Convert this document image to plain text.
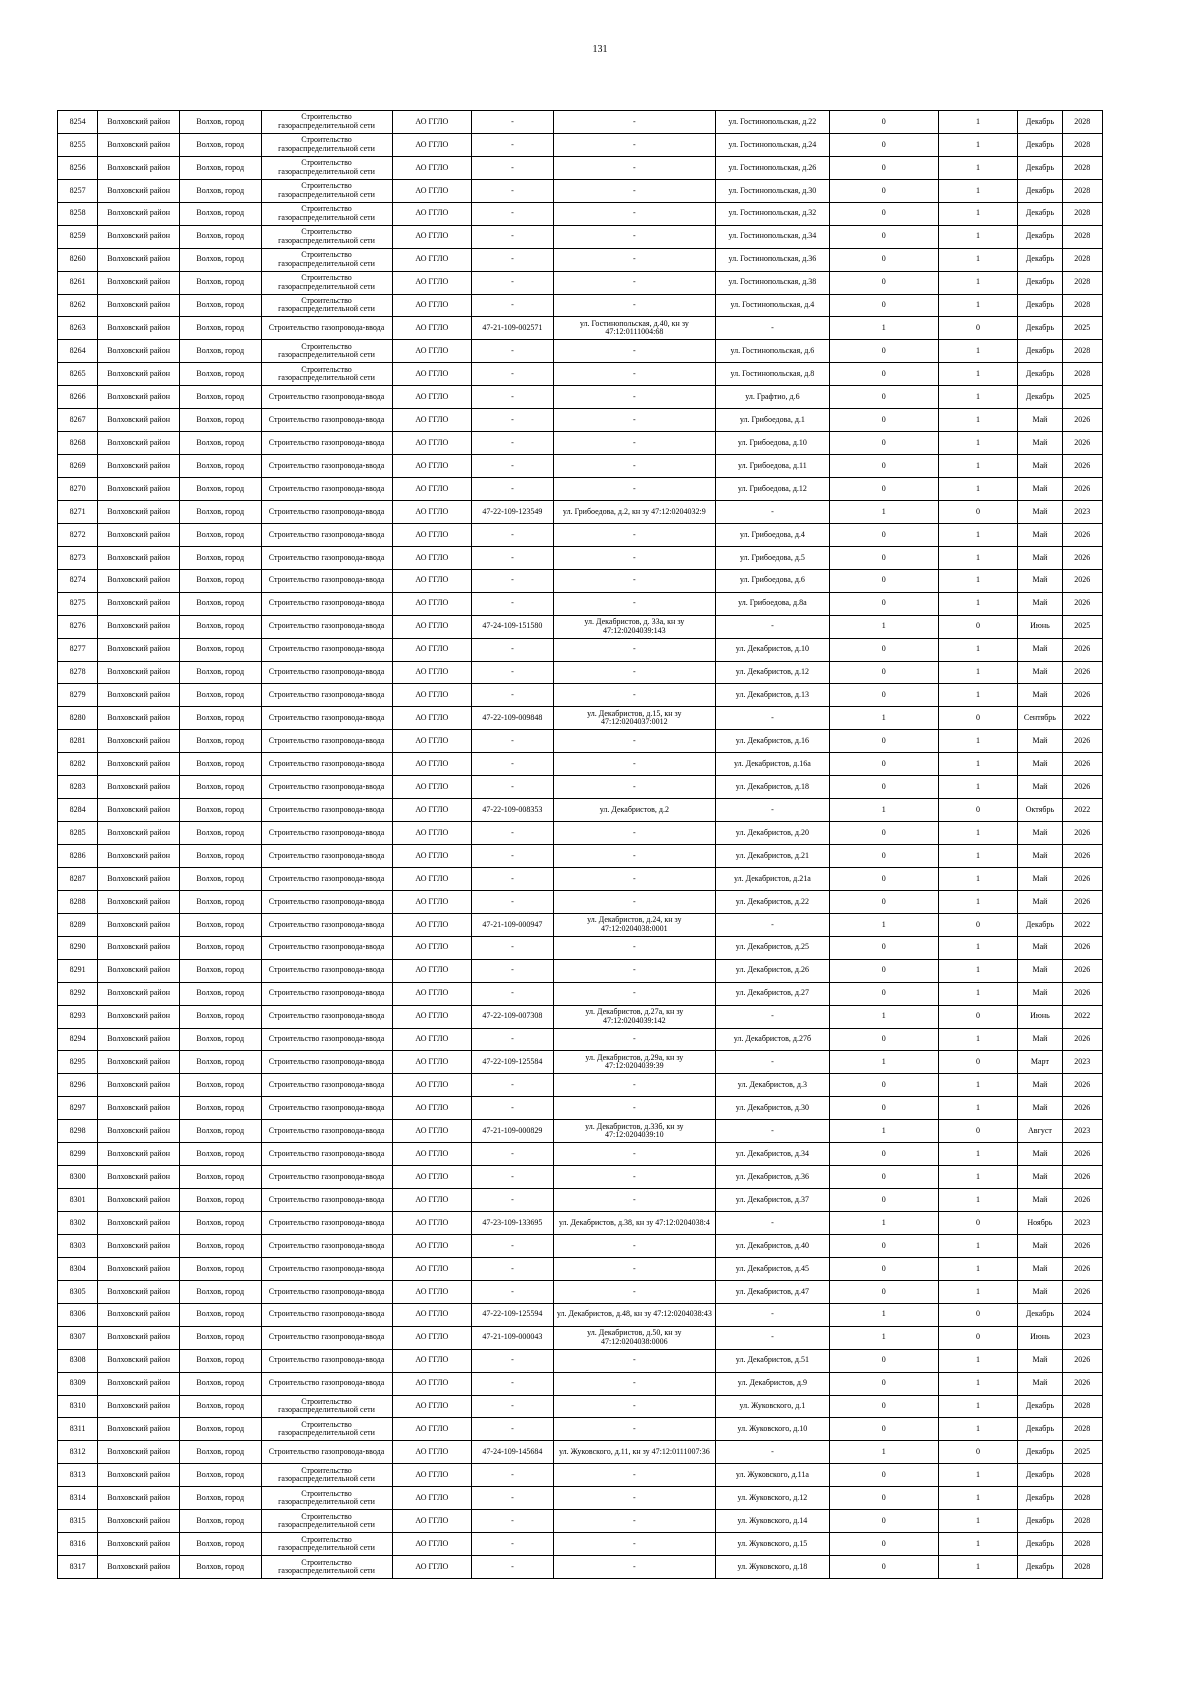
131
8254	Волховский район	Волхов, город	Строительство газораспределительной сети	АО ГГЛО	-	-	ул. Гостинопольская, д.22	0	1	Декабрь	2028
8255	Волховский район	Волхов, город	Строительство газораспределительной сети	АО ГГЛО	-	-	ул. Гостинопольская, д.24	0	1	Декабрь	2028
8256	Волховский район	Волхов, город	Строительство газораспределительной сети	АО ГГЛО	-	-	ул. Гостинопольская, д.26	0	1	Декабрь	2028
8257	Волховский район	Волхов, город	Строительство газораспределительной сети	АО ГГЛО	-	-	ул. Гостинопольская, д.30	0	1	Декабрь	2028
8258	Волховский район	Волхов, город	Строительство газораспределительной сети	АО ГГЛО	-	-	ул. Гостинопольская, д.32	0	1	Декабрь	2028
8259	Волховский район	Волхов, город	Строительство газораспределительной сети	АО ГГЛО	-	-	ул. Гостинопольская, д.34	0	1	Декабрь	2028
8260	Волховский район	Волхов, город	Строительство газораспределительной сети	АО ГГЛО	-	-	ул. Гостинопольская, д.36	0	1	Декабрь	2028
8261	Волховский район	Волхов, город	Строительство газораспределительной сети	АО ГГЛО	-	-	ул. Гостинопольская, д.38	0	1	Декабрь	2028
8262	Волховский район	Волхов, город	Строительство газораспределительной сети	АО ГГЛО	-	-	ул. Гостинопольская, д.4	0	1	Декабрь	2028
8263	Волховский район	Волхов, город	Строительство газопровода-ввода	АО ГГЛО	47-21-109-002571	ул. Гостинопольская, д.40, кн зу 47:12:0111004:68	-	1	0	Декабрь	2025
8264	Волховский район	Волхов, город	Строительство газораспределительной сети	АО ГГЛО	-	-	ул. Гостинопольская, д.6	0	1	Декабрь	2028
8265	Волховский район	Волхов, город	Строительство газораспределительной сети	АО ГГЛО	-	-	ул. Гостинопольская, д.8	0	1	Декабрь	2028
8266	Волховский район	Волхов, город	Строительство газопровода-ввода	АО ГГЛО	-	-	ул. Графтио, д.6	0	1	Декабрь	2025
8267	Волховский район	Волхов, город	Строительство газопровода-ввода	АО ГГЛО	-	-	ул. Грибоедова, д.1	0	1	Май	2026
8268	Волховский район	Волхов, город	Строительство газопровода-ввода	АО ГГЛО	-	-	ул. Грибоедова, д.10	0	1	Май	2026
8269	Волховский район	Волхов, город	Строительство газопровода-ввода	АО ГГЛО	-	-	ул. Грибоедова, д.11	0	1	Май	2026
8270	Волховский район	Волхов, город	Строительство газопровода-ввода	АО ГГЛО	-	-	ул. Грибоедова, д.12	0	1	Май	2026
8271	Волховский район	Волхов, город	Строительство газопровода-ввода	АО ГГЛО	47-22-109-123549	ул. Грибоедова, д.2, кн зу 47:12:0204032:9	-	1	0	Май	2023
8272	Волховский район	Волхов, город	Строительство газопровода-ввода	АО ГГЛО	-	-	ул. Грибоедова, д.4	0	1	Май	2026
8273	Волховский район	Волхов, город	Строительство газопровода-ввода	АО ГГЛО	-	-	ул. Грибоедова, д.5	0	1	Май	2026
8274	Волховский район	Волхов, город	Строительство газопровода-ввода	АО ГГЛО	-	-	ул. Грибоедова, д.6	0	1	Май	2026
8275	Волховский район	Волхов, город	Строительство газопровода-ввода	АО ГГЛО	-	-	ул. Грибоедова, д.8а	0	1	Май	2026
8276	Волховский район	Волхов, город	Строительство газопровода-ввода	АО ГГЛО	47-24-109-151580	ул. Декабристов, д. 33а, кн зу 47:12:0204039:143	-	1	0	Июнь	2025
8277	Волховский район	Волхов, город	Строительство газопровода-ввода	АО ГГЛО	-	-	ул. Декабристов, д.10	0	1	Май	2026
8278	Волховский район	Волхов, город	Строительство газопровода-ввода	АО ГГЛО	-	-	ул. Декабристов, д.12	0	1	Май	2026
8279	Волховский район	Волхов, город	Строительство газопровода-ввода	АО ГГЛО	-	-	ул. Декабристов, д.13	0	1	Май	2026
8280	Волховский район	Волхов, город	Строительство газопровода-ввода	АО ГГЛО	47-22-109-009848	ул. Декабристов, д.15, кн зу 47:12:0204037:0012	-	1	0	Сентябрь	2022
8281	Волховский район	Волхов, город	Строительство газопровода-ввода	АО ГГЛО	-	-	ул. Декабристов, д.16	0	1	Май	2026
8282	Волховский район	Волхов, город	Строительство газопровода-ввода	АО ГГЛО	-	-	ул. Декабристов, д.16а	0	1	Май	2026
8283	Волховский район	Волхов, город	Строительство газопровода-ввода	АО ГГЛО	-	-	ул. Декабристов, д.18	0	1	Май	2026
8284	Волховский район	Волхов, город	Строительство газопровода-ввода	АО ГГЛО	47-22-109-008353	ул. Декабристов, д.2	-	1	0	Октябрь	2022
8285	Волховский район	Волхов, город	Строительство газопровода-ввода	АО ГГЛО	-	-	ул. Декабристов, д.20	0	1	Май	2026
8286	Волховский район	Волхов, город	Строительство газопровода-ввода	АО ГГЛО	-	-	ул. Декабристов, д.21	0	1	Май	2026
8287	Волховский район	Волхов, город	Строительство газопровода-ввода	АО ГГЛО	-	-	ул. Декабристов, д.21а	0	1	Май	2026
8288	Волховский район	Волхов, город	Строительство газопровода-ввода	АО ГГЛО	-	-	ул. Декабристов, д.22	0	1	Май	2026
8289	Волховский район	Волхов, город	Строительство газопровода-ввода	АО ГГЛО	47-21-109-000947	ул. Декабристов, д.24, кн зу 47:12:0204038:0001	-	1	0	Декабрь	2022
8290	Волховский район	Волхов, город	Строительство газопровода-ввода	АО ГГЛО	-	-	ул. Декабристов, д.25	0	1	Май	2026
8291	Волховский район	Волхов, город	Строительство газопровода-ввода	АО ГГЛО	-	-	ул. Декабристов, д.26	0	1	Май	2026
8292	Волховский район	Волхов, город	Строительство газопровода-ввода	АО ГГЛО	-	-	ул. Декабристов, д.27	0	1	Май	2026
8293	Волховский район	Волхов, город	Строительство газопровода-ввода	АО ГГЛО	47-22-109-007308	ул. Декабристов, д.27а, кн зу 47:12:0204039:142	-	1	0	Июнь	2022
8294	Волховский район	Волхов, город	Строительство газопровода-ввода	АО ГГЛО	-	-	ул. Декабристов, д.27б	0	1	Май	2026
8295	Волховский район	Волхов, город	Строительство газопровода-ввода	АО ГГЛО	47-22-109-125584	ул. Декабристов, д.29а, кн зу 47:12:0204039:39	-	1	0	Март	2023
8296	Волховский район	Волхов, город	Строительство газопровода-ввода	АО ГГЛО	-	-	ул. Декабристов, д.3	0	1	Май	2026
8297	Волховский район	Волхов, город	Строительство газопровода-ввода	АО ГГЛО	-	-	ул. Декабристов, д.30	0	1	Май	2026
8298	Волховский район	Волхов, город	Строительство газопровода-ввода	АО ГГЛО	47-21-109-000829	ул. Декабристов, д.33б, кн зу 47:12:0204039:10	-	1	0	Август	2023
8299	Волховский район	Волхов, город	Строительство газопровода-ввода	АО ГГЛО	-	-	ул. Декабристов, д.34	0	1	Май	2026
8300	Волховский район	Волхов, город	Строительство газопровода-ввода	АО ГГЛО	-	-	ул. Декабристов, д.36	0	1	Май	2026
8301	Волховский район	Волхов, город	Строительство газопровода-ввода	АО ГГЛО	-	-	ул. Декабристов, д.37	0	1	Май	2026
8302	Волховский район	Волхов, город	Строительство газопровода-ввода	АО ГГЛО	47-23-109-133695	ул. Декабристов, д.38, кн зу 47:12:0204038:4	-	1	0	Ноябрь	2023
8303	Волховский район	Волхов, город	Строительство газопровода-ввода	АО ГГЛО	-	-	ул. Декабристов, д.40	0	1	Май	2026
8304	Волховский район	Волхов, город	Строительство газопровода-ввода	АО ГГЛО	-	-	ул. Декабристов, д.45	0	1	Май	2026
8305	Волховский район	Волхов, город	Строительство газопровода-ввода	АО ГГЛО	-	-	ул. Декабристов, д.47	0	1	Май	2026
8306	Волховский район	Волхов, город	Строительство газопровода-ввода	АО ГГЛО	47-22-109-125594	ул. Декабристов, д.48, кн зу 47:12:0204038:43	-	1	0	Декабрь	2024
8307	Волховский район	Волхов, город	Строительство газопровода-ввода	АО ГГЛО	47-21-109-000043	ул. Декабристов, д.50, кн зу 47:12:0204038:0006	-	1	0	Июнь	2023
8308	Волховский район	Волхов, город	Строительство газопровода-ввода	АО ГГЛО	-	-	ул. Декабристов, д.51	0	1	Май	2026
8309	Волховский район	Волхов, город	Строительство газопровода-ввода	АО ГГЛО	-	-	ул. Декабристов, д.9	0	1	Май	2026
8310	Волховский район	Волхов, город	Строительство газораспределительной сети	АО ГГЛО	-	-	ул. Жуковского, д.1	0	1	Декабрь	2028
8311	Волховский район	Волхов, город	Строительство газораспределительной сети	АО ГГЛО	-	-	ул. Жуковского, д.10	0	1	Декабрь	2028
8312	Волховский район	Волхов, город	Строительство газопровода-ввода	АО ГГЛО	47-24-109-145684	ул. Жуковского, д.11, кн зу 47:12:0111007:36	-	1	0	Декабрь	2025
8313	Волховский район	Волхов, город	Строительство газораспределительной сети	АО ГГЛО	-	-	ул. Жуковского, д.11а	0	1	Декабрь	2028
8314	Волховский район	Волхов, город	Строительство газораспределительной сети	АО ГГЛО	-	-	ул. Жуковского, д.12	0	1	Декабрь	2028
8315	Волховский район	Волхов, город	Строительство газораспределительной сети	АО ГГЛО	-	-	ул. Жуковского, д.14	0	1	Декабрь	2028
8316	Волховский район	Волхов, город	Строительство газораспределительной сети	АО ГГЛО	-	-	ул. Жуковского, д.15	0	1	Декабрь	2028
8317	Волховский район	Волхов, город	Строительство газораспределительной сети	АО ГГЛО	-	-	ул. Жуковского, д.18	0	1	Декабрь	2028
